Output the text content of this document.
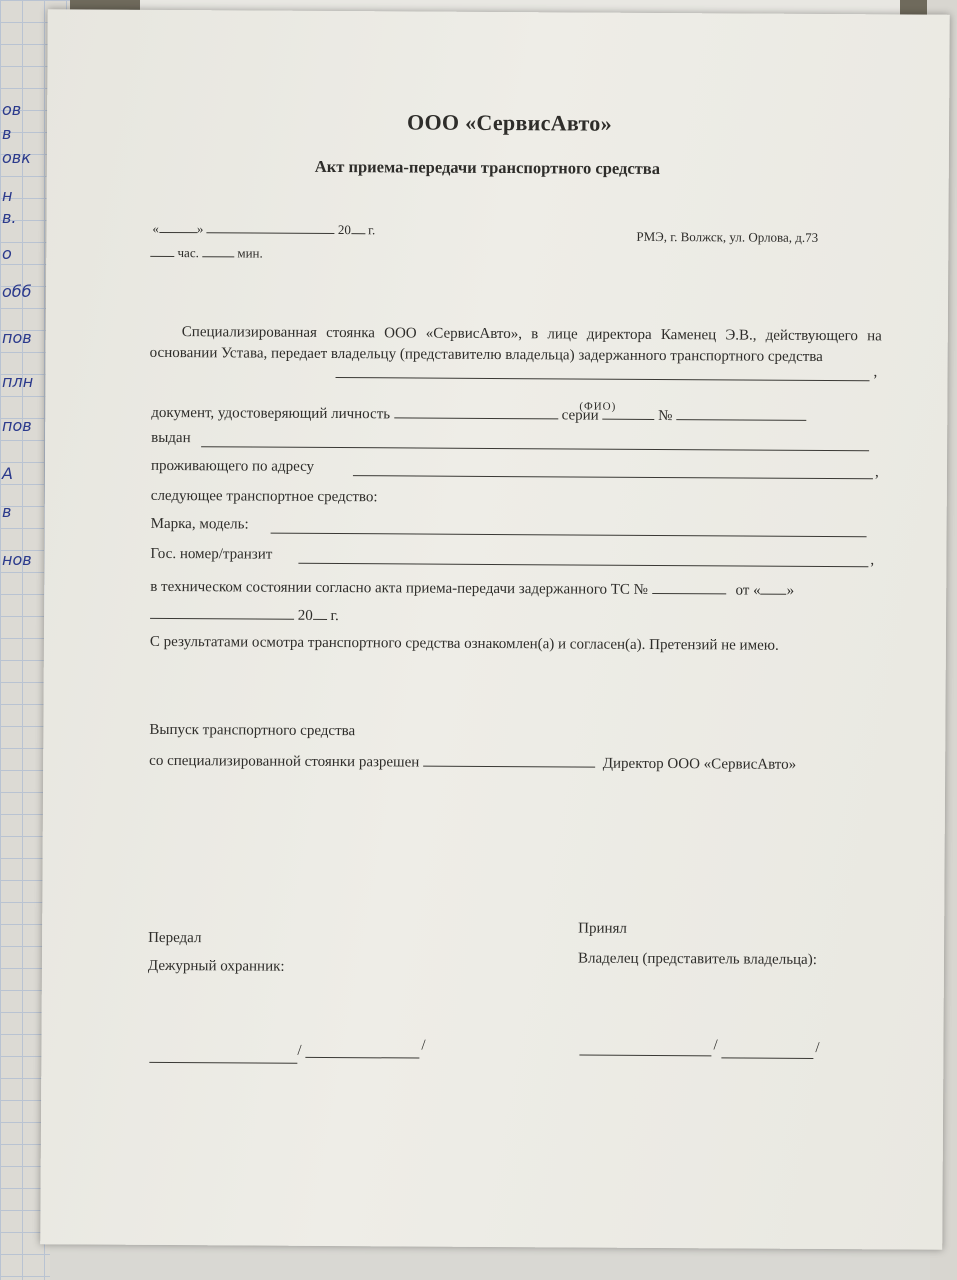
ов
в
овк
н
в.
о
обб
пов
плн
пов
А
в
нов
ООО «СервисАвто»
Акт приема-передачи транспортного средства
«	»	20 г.
час.	мин.
РМЭ, г. Волжск, ул. Орлова, д.73
Специализированная стоянка ООО «СервисАвто», в лице директора Каменец Э.В., действующего на основании Устава, передает владельцу (представителю владельца) задержанного транспортного средства
,
(ФИО)
документ, удостоверяющий личность	серии	№
выдан
проживающего по адресу	,
следующее транспортное средство:
Марка, модель:
Гос. номер/транзит	,
в техническом состоянии согласно акта приема-передачи задержанного ТС №	от « »
20 г.
С результатами осмотра транспортного средства ознакомлен(а) и согласен(а). Претензий не имею.
Выпуск транспортного средства
со специализированной стоянки разрешен	Директор ООО «СервисАвто»
Передал
Дежурный охранник:
/	/
Принял
Владелец (представитель владельца):
/	/
